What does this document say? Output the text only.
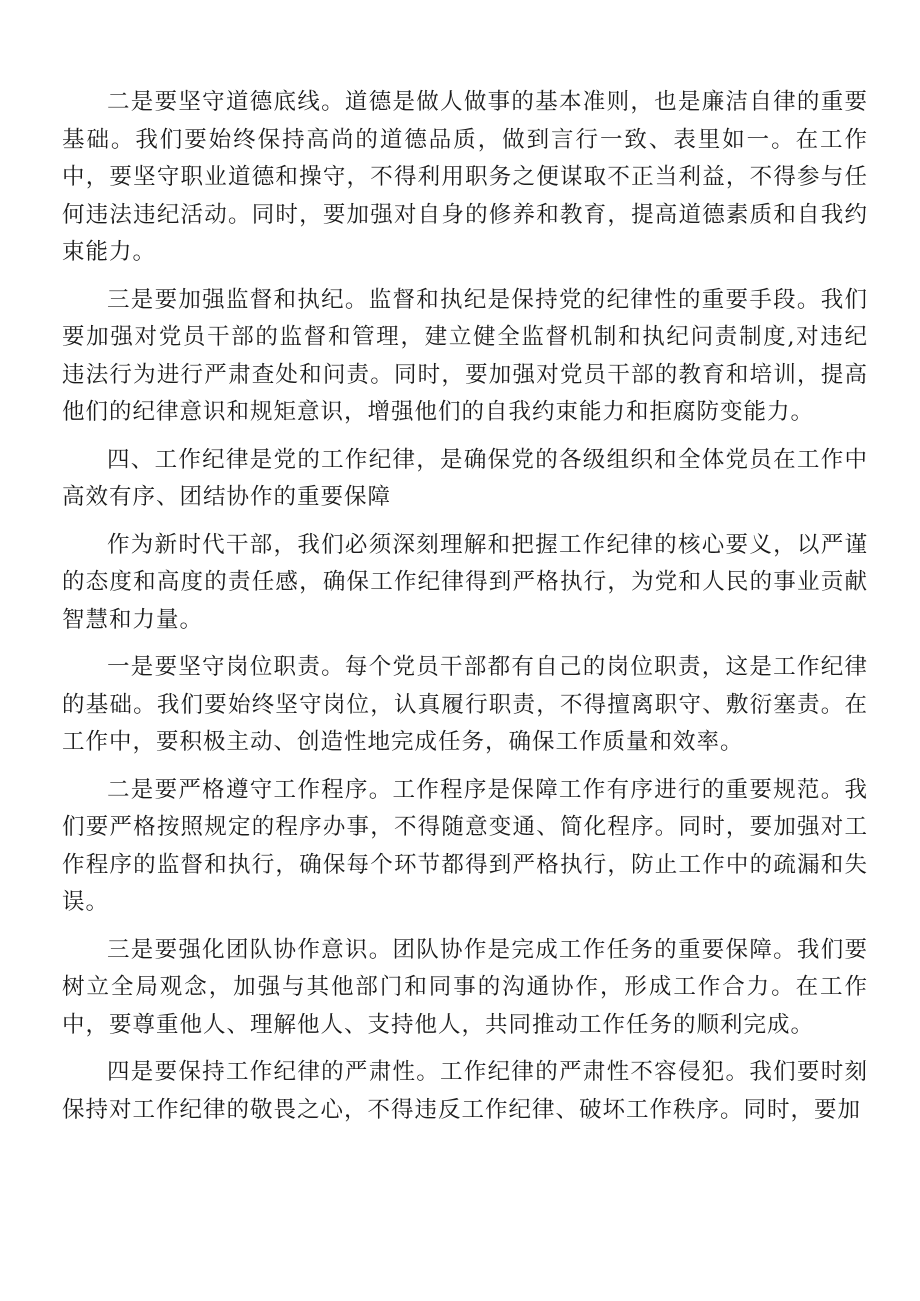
二是要坚守道德底线。道德是做人做事的基本准则，也是廉洁自律的重要基础。我们要始终保持高尚的道德品质，做到言行一致、表里如一。在工作中，要坚守职业道德和操守，不得利用职务之便谋取不正当利益，不得参与任何违法违纪活动。同时，要加强对自身的修养和教育，提高道德素质和自我约束能力。

三是要加强监督和执纪。监督和执纪是保持党的纪律性的重要手段。我们要加强对党员干部的监督和管理，建立健全监督机制和执纪问责制度,对违纪违法行为进行严肃查处和问责。同时，要加强对党员干部的教育和培训，提高他们的纪律意识和规矩意识，增强他们的自我约束能力和拒腐防变能力。

四、工作纪律是党的工作纪律，是确保党的各级组织和全体党员在工作中高效有序、团结协作的重要保障

作为新时代干部，我们必须深刻理解和把握工作纪律的核心要义，以严谨的态度和高度的责任感，确保工作纪律得到严格执行，为党和人民的事业贡献智慧和力量。

一是要坚守岗位职责。每个党员干部都有自己的岗位职责，这是工作纪律的基础。我们要始终坚守岗位，认真履行职责，不得擅离职守、敷衍塞责。在工作中，要积极主动、创造性地完成任务，确保工作质量和效率。

二是要严格遵守工作程序。工作程序是保障工作有序进行的重要规范。我们要严格按照规定的程序办事，不得随意变通、简化程序。同时，要加强对工作程序的监督和执行，确保每个环节都得到严格执行，防止工作中的疏漏和失误。

三是要强化团队协作意识。团队协作是完成工作任务的重要保障。我们要树立全局观念，加强与其他部门和同事的沟通协作，形成工作合力。在工作中，要尊重他人、理解他人、支持他人，共同推动工作任务的顺利完成。

四是要保持工作纪律的严肃性。工作纪律的严肃性不容侵犯。我们要时刻保持对工作纪律的敬畏之心，不得违反工作纪律、破坏工作秩序。同时，要加
